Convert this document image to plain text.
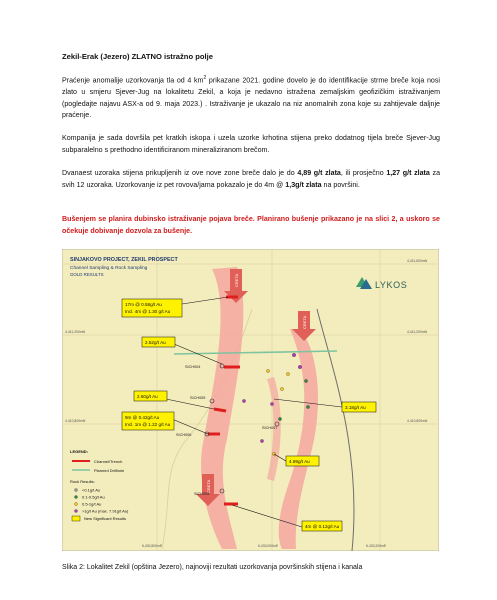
Zekil-Erak (Jezero) ZLATNO istražno polje
Praćenje anomalije uzorkovanja tla od 4 $km^2$ prikazane 2021. godine dovelo je do identifikacije strme breče koja nosi zlato u smjeru Sjever-Jug na lokalitetu Zekil, a koja je nedavno istražena zemaljskim geofizičkim istraživanjem (pogledajte najavu ASX-a od 9. maja 2023.) . Istraživanje je ukazalo na niz anomalnih zona koje su zahtijevale daljnje praćenje.
Kompanija je sada dovršila pet kratkih iskopa i uzela uzorke krhotina stijena preko dodatnog tijela breče Sjever-Jug subparalelno s prethodno identificiranom mineraliziranom brečom.
Dvanaest uzoraka stijena prikupljenih iz ove nove zone breče dalo je do 4,89 g/t zlata, ili prosječno 1,27 g/t zlata za svih 12 uzoraka. Uzorkovanje iz pet rovova/jama pokazalo je do 4m @ 1,3g/t zlata na površini.
Bušenjem se planira dubinsko istraživanje pojava breče. Planirano bušenje prikazano je na slici 2, a uskoro se očekuje dobivanje dozvola za bušenje.
CRETA
CRETA
CRETA
SICH004
SICH005
SICH007
SICH006
SICH008
17m @ 0.58g/t Au
Incl. 4m @ 1.30 g/t Au
2.52g/t Au
2.60g/t Au
9m @ 0.42g/t Au
Incl. 1m @ 1.22 g/t Au
3.18g/t Au
4.89g/t Au
4m @ 0.12g/t Au
SINJAKOVO PROJECT, ZEKIL PROSPECT
Channel Sampling & Rock Sampling
GOLD RESULTS
LYKOS
4,411,200mN
4,410,800mN
4,411,600mN
4,411,200mN
4,410,800mN
6,432,800mE	6,433,000mE	6,433,200mE
LEGEND:
Channel/Trench
Planned Drillhole
Rock Results:
<0.1g/t Au
0.1-0.5g/t Au
0.5-1g/t Au
>1g/t Au (max. 7.91g/t Au)
New Significant Results
Slika 2: Lokalitet Zekil (opština Jezero), najnoviji rezultati uzorkovanja površinskih stijena i kanala
